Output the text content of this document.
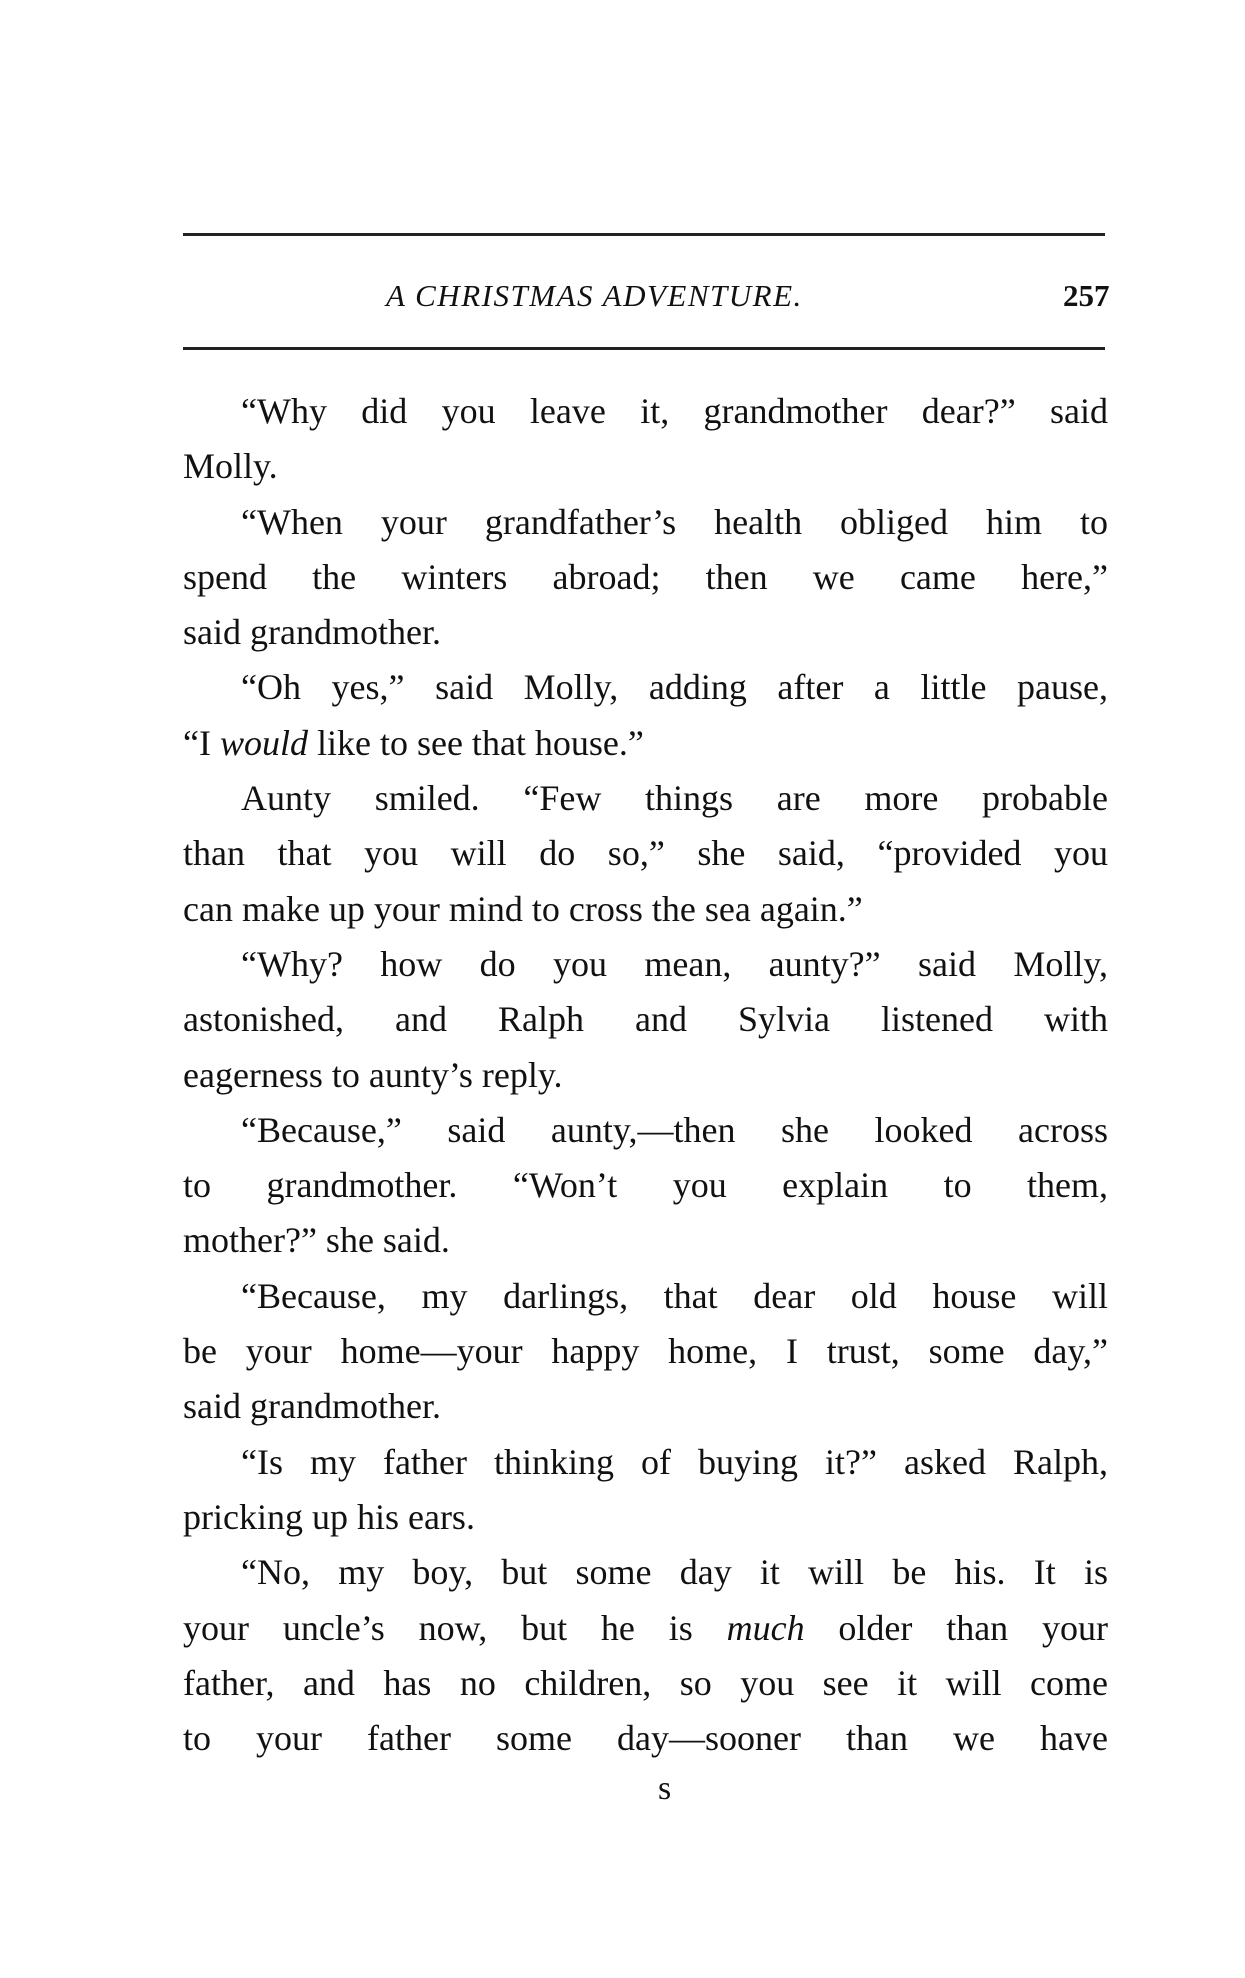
A CHRISTMAS ADVENTURE.	257
“Why did you leave it, grandmother dear?” said
Molly.
“When your grandfather’s health obliged him to
spend the winters abroad; then we came here,”
said grandmother.
“Oh yes,” said Molly, adding after a little pause,
“I would like to see that house.”
Aunty smiled. “Few things are more probable
than that you will do so,” she said, “provided you
can make up your mind to cross the sea again.”
“Why? how do you mean, aunty?” said Molly,
astonished, and Ralph and Sylvia listened with
eagerness to aunty’s reply.
“Because,” said aunty,—then she looked across
to grandmother. “Won’t you explain to them,
mother?” she said.
“Because, my darlings, that dear old house will
be your home—your happy home, I trust, some day,”
said grandmother.
“Is my father thinking of buying it?” asked Ralph,
pricking up his ears.
“No, my boy, but some day it will be his. It is
your uncle’s now, but he is much older than your
father, and has no children, so you see it will come
to your father some day—sooner than we have
s
